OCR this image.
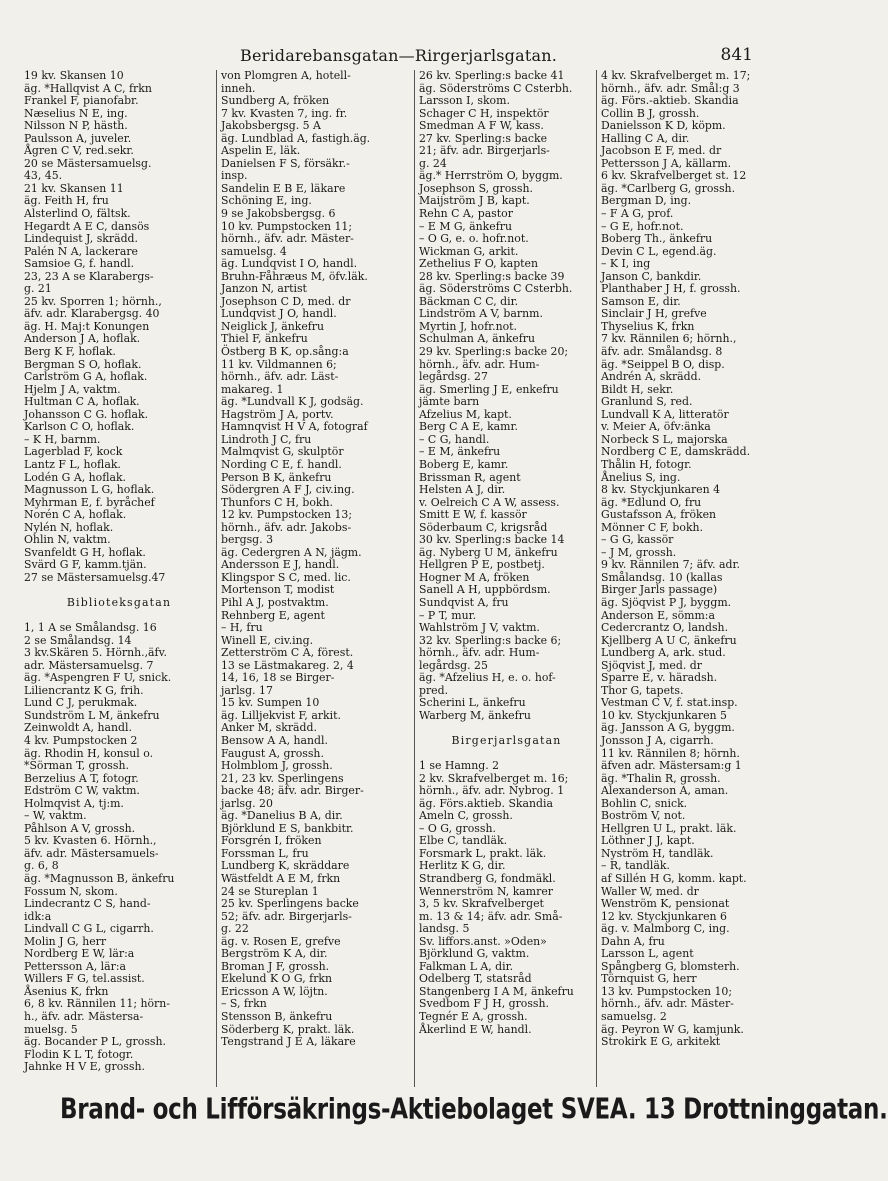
Beridarebansgatan—Rirgerjarlsgatan.	841
19 kv. Skansen 10
äg. *Hallqvist A C, frkn
Frankel F, pianofabr.
Næselius N E, ing.
Nilsson N P, hästh.
Paulsson A, juveler.
Ågren C V, red.sekr.
20 se Mästersamuelsg.
43, 45.
21 kv. Skansen 11
äg. Feith H, fru
Alsterlind O, fältsk.
Hegardt A E C, dansös
Lindequist J, skrädd.
Palén N A, lackerare
Samsioe G, f. handl.
23, 23 A se Klarabergs-
g. 21
25 kv. Sporren 1; hörnh.,
äfv. adr. Klarabergsg. 40
äg. H. Maj:t Konungen
Anderson J A, hoflak.
Berg K F, hoflak.
Bergman S O, hoflak.
Carlström G A, hoflak.
Hjelm J A, vaktm.
Hultman C A, hoflak.
Johansson C G. hoflak.
Karlson C O, hoflak.
– K H, barnm.
Lagerblad F, kock
Lantz F L, hoflak.
Lodén G A, hoflak.
Magnusson L G, hoflak.
Myhrman E, f. byråchef
Norén C A, hoflak.
Nylén N, hoflak.
Ohlin N, vaktm.
Svanfeldt G H, hoflak.
Svärd G F, kamm.tjän.
27 se Mästersamuelsg.47

Biblioteksgatan

1, 1 A se Smålandsg. 16
2 se Smålandsg. 14
3 kv.Skären 5. Hörnh.,äfv.
adr. Mästersamuelsg. 7
äg. *Aspengren F U, snick.
Liliencrantz K G, frih.
Lund C J, perukmak.
Sundström L M, änkefru
Zeinwoldt A, handl.
4 kv. Pumpstocken 2
äg. Rhodin H, konsul o.
*Sörman T, grossh.
Berzelius A T, fotogr.
Edström C W, vaktm.
Holmqvist A, tj:m.
– W, vaktm.
Påhlson A V, grossh.
5 kv. Kvasten 6. Hörnh.,
äfv. adr. Mästersamuels-
g. 6, 8
äg. *Magnusson B, änkefru
Fossum N, skom.
Lindecrantz C S, hand-
idk:a
Lindvall C G L, cigarrh.
Molin J G, herr
Nordberg E W, lär:a
Pettersson A, lär:a
Willers F G, tel.assist.
Åsenius K, frkn
6, 8 kv. Rännilen 11; hörn-
h., äfv. adr. Mästersa-
muelsg. 5
äg. Bocander P L, grossh.
Flodin K L T, fotogr.
Jahnke H V E, grossh.
von Plomgren A, hotell-
inneh.
Sundberg A, fröken
7 kv. Kvasten 7, ing. fr.
Jakobsbergsg. 5 A
äg. Lundblad A, fastigh.äg.
Aspelin E, läk.
Danielsen F S, försäkr.-
insp.
Sandelin E B E, läkare
Schöning E, ing.
9 se Jakobsbergsg. 6
10 kv. Pumpstocken 11;
hörnh., äfv. adr. Mäster-
samuelsg. 4
äg. Lundqvist I O, handl.
Bruhn-Fåhræus M, öfv.läk.
Janzon N, artist
Josephson C D, med. dr
Lundqvist J O, handl.
Neiglick J, änkefru
Thiel F, änkefru
Östberg B K, op.sång:a
11 kv. Vildmannen 6;
hörnh., äfv. adr. Läst-
makareg. 1
äg. *Lundvall K J, godsäg.
Hagström J A, portv.
Hamnqvist H V A, fotograf
Lindroth J C, fru
Malmqvist G, skulptör
Nording C E, f. handl.
Person B K, änkefru
Södergren A F J, civ.ing.
Thunfors C H, bokh.
12 kv. Pumpstocken 13;
hörnh., äfv. adr. Jakobs-
bergsg. 3
äg. Cedergren A N, jägm.
Andersson E J, handl.
Klingspor S C, med. lic.
Mortenson T, modist
Pihl A J, postvaktm.
Rehnberg E, agent
– H, fru
Winell E, civ.ing.
Zetterström C A, förest.
13 se Lästmakareg. 2, 4
14, 16, 18 se Birger-
jarlsg. 17
15 kv. Sumpen 10
äg. Lilljekvist F, arkit.
Anker M, skrädd.
Bensow A A, handl.
Faugust A, grossh.
Holmblom J, grossh.
21, 23 kv. Sperlingens
backe 48; äfv. adr. Birger-
jarlsg. 20
äg. *Danelius B A, dir.
Björklund E S, bankbitr.
Forsgrén I, fröken
Forssman L, fru
Lundberg K, skräddare
Wästfeldt A E M, frkn
24 se Stureplan 1
25 kv. Sperlingens backe
52; äfv. adr. Birgerjarls-
g. 22
äg. v. Rosen E, grefve
Bergström K A, dir.
Broman J F, grossh.
Ekelund K O G, frkn
Ericsson A W, löjtn.
– S, frkn
Stensson B, änkefru
Söderberg K, prakt. läk.
Tengstrand J E A, läkare
26 kv. Sperling:s backe 41
äg. Söderströms C Csterbh.
Larsson I, skom.
Schager C H, inspektör
Smedman A F W, kass.
27 kv. Sperling:s backe
21; äfv. adr. Birgerjarls-
g. 24
äg.* Herrström O, byggm.
Josephson S, grossh.
Maijström J B, kapt.
Rehn C A, pastor
– E M G, änkefru
– O G, e. o. hofr.not.
Wickman G, arkit.
Zethelius F O, kapten
28 kv. Sperling:s backe 39
äg. Söderströms C Csterbh.
Bäckman C C, dir.
Lindström A V, barnm.
Myrtin J, hofr.not.
Schulman A, änkefru
29 kv. Sperling:s backe 20;
hörnh., äfv. adr. Hum-
legårdsg. 27
äg. Smerling J E, enkefru
jämte barn
Afzelius M, kapt.
Berg C A E, kamr.
– C G, handl.
– E M, änkefru
Boberg E, kamr.
Brissman R, agent
Helsten A J, dir.
v. Oelreich C A W, assess.
Smitt E W, f. kassör
Söderbaum C, krigsråd
30 kv. Sperling:s backe 14
äg. Nyberg U M, änkefru
Hellgren P E, postbetj.
Hogner M A, fröken
Sanell A H, uppbördsm.
Sundqvist A, fru
– P T, mur.
Wahlström J V, vaktm.
32 kv. Sperling:s backe 6;
hörnh., äfv. adr. Hum-
legårdsg. 25
äg. *Afzelius H, e. o. hof-
pred.
Scherini L, änkefru
Warberg M, änkefru

Birgerjarlsgatan

1 se Hamng. 2
2 kv. Skrafvelberget m. 16;
hörnh., äfv. adr. Nybrog. 1
äg. Förs.aktieb. Skandia
Ameln C, grossh.
– O G, grossh.
Elbe C, tandläk.
Forsmark L, prakt. läk.
Herlitz K G, dir.
Strandberg G, fondmäkl.
Wennerström N, kamrer
3, 5 kv. Skrafvelberget
m. 13 & 14; äfv. adr. Små-
landsg. 5
Sv. liffors.anst. »Oden»
Björklund G, vaktm.
Falkman L A, dir.
Odelberg T, statsråd
Stangenberg I A M, änkefru
Svedbom F J H, grossh.
Tegnér E A, grossh.
Åkerlind E W, handl.
4 kv. Skrafvelberget m. 17;
hörnh., äfv. adr. Smål:g 3
äg. Förs.-aktieb. Skandia
Collin B J, grossh.
Danielsson K D, köpm.
Halling C A, dir.
Jacobson E F, med. dr
Pettersson J A, källarm.
6 kv. Skrafvelberget st. 12
äg. *Carlberg G, grossh.
Bergman D, ing.
– F A G, prof.
– G E, hofr.not.
Boberg Th., änkefru
Devin C L, egend.äg.
– K I, ing
Janson C, bankdir.
Planthaber J H, f. grossh.
Samson E, dir.
Sinclair J H, grefve
Thyselius K, frkn
7 kv. Rännilen 6; hörnh.,
äfv. adr. Smålandsg. 8
äg. *Seippel B O, disp.
Andrén A, skrädd.
Bildt H, sekr.
Granlund S, red.
Lundvall K A, litteratör
v. Meier A, öfv:änka
Norbeck S L, majorska
Nordberg C E, damskrädd.
Thålin H, fotogr.
Ånelius S, ing.
8 kv. Styckjunkaren 4
äg. *Edlund O, fru
Gustafsson A, fröken
Mönner C F, bokh.
– G G, kassör
– J M, grossh.
9 kv. Rännilen 7; äfv. adr.
Smålandsg. 10 (kallas
Birger Jarls passage)
äg. Sjöqvist P J, byggm.
Anderson E, sömm:a
Cedercrantz O, landsh.
Kjellberg A U C, änkefru
Lundberg A, ark. stud.
Sjöqvist J, med. dr
Sparre E, v. häradsh.
Thor G, tapets.
Vestman C V, f. stat.insp.
10 kv. Styckjunkaren 5
äg. Jansson A G, byggm.
Jonsson J A, cigarrh.
11 kv. Rännilen 8; hörnh.
äfven adr. Mästersam:g 1
äg. *Thalin R, grossh.
Alexanderson A, aman.
Bohlin C, snick.
Boström V, not.
Hellgren U L, prakt. läk.
Löthner J J, kapt.
Nyström H, tandläk.
– R, tandläk.
af Sillén H G, komm. kapt.
Waller W, med. dr
Wenström K, pensionat
12 kv. Styckjunkaren 6
äg. v. Malmborg C, ing.
Dahn A, fru
Larsson L, agent
Spångberg G, blomsterh.
Törnquist G, herr
13 kv. Pumpstocken 10;
hörnh., äfv. adr. Mäster-
samuelsg. 2
äg. Peyron W G, kamjunk.
Strokirk E G, arkitekt
Brand- och Lifförsäkrings-Aktiebolaget SVEA. 13 Drottninggatan.
